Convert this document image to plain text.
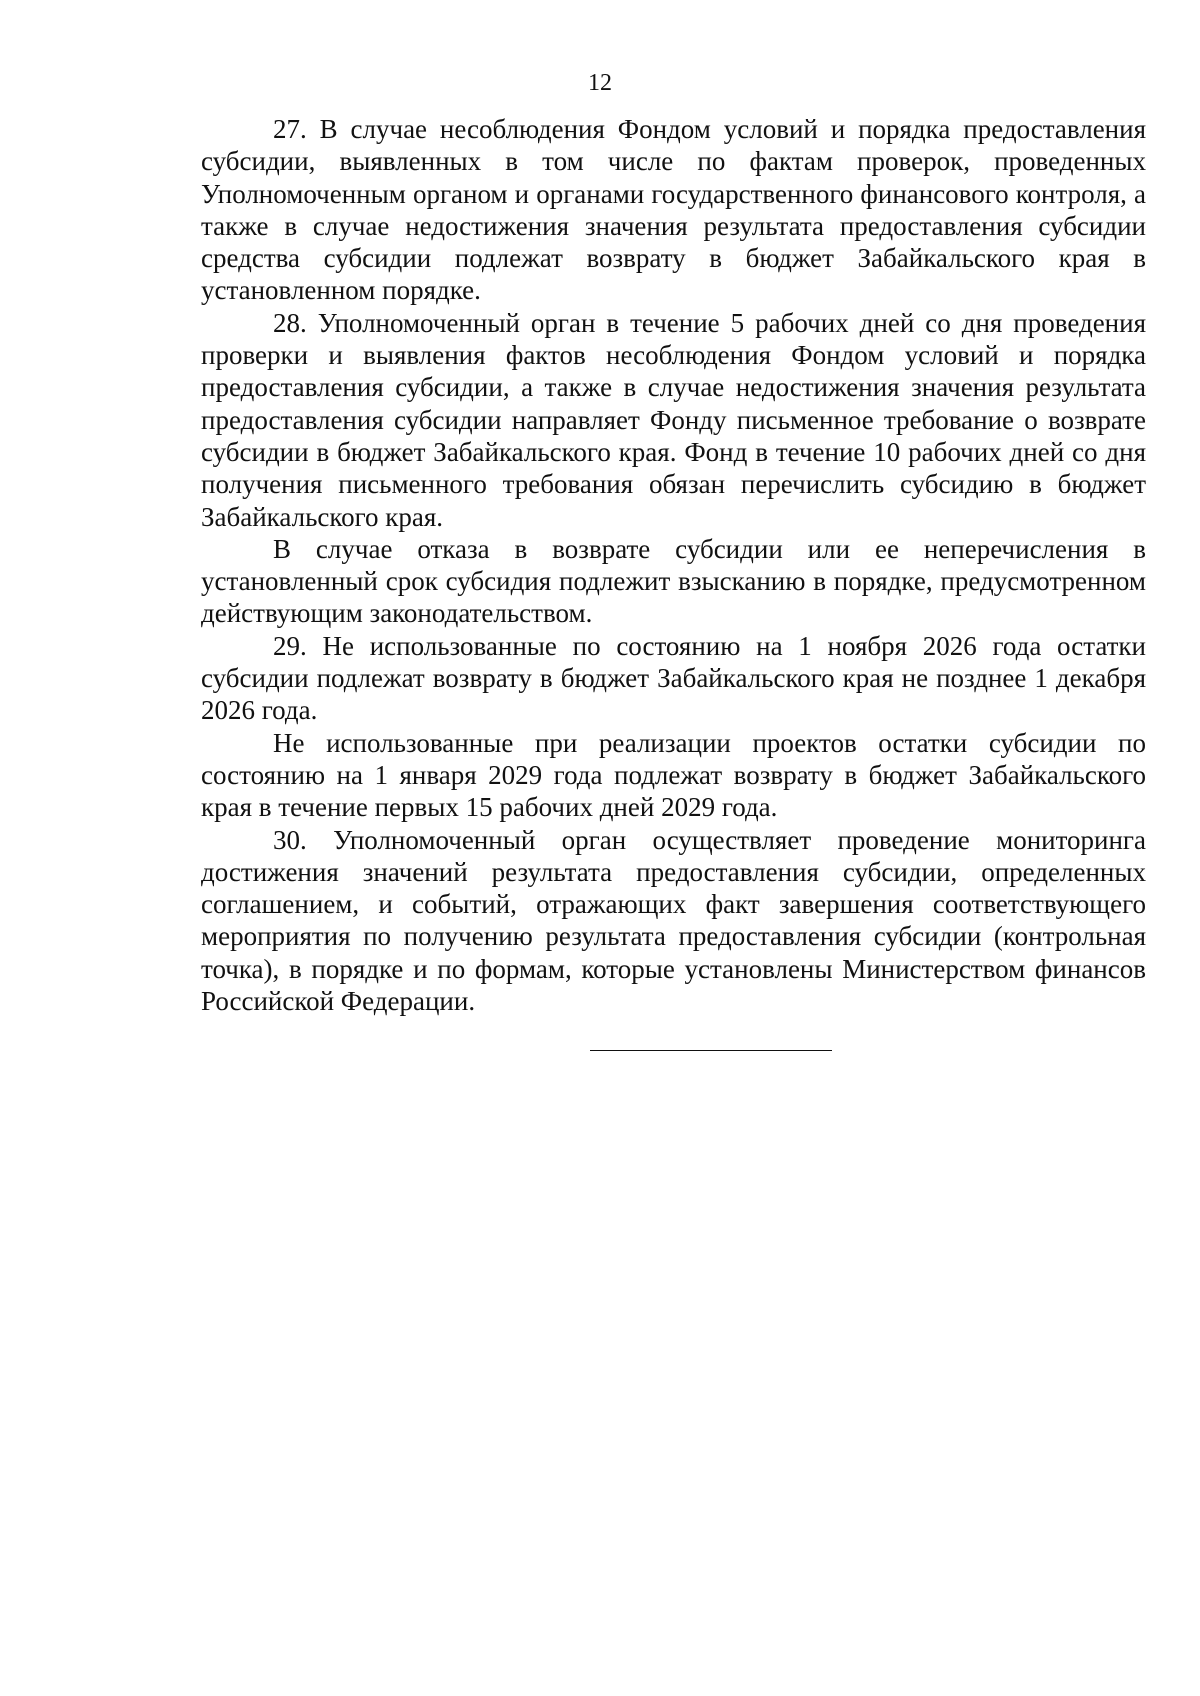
12

27. В случае несоблюдения Фондом условий и порядка предоставления субсидии, выявленных в том числе по фактам проверок, проведенных Уполномоченным органом и органами государственного финансового контроля, а также в случае недостижения значения результата предоставления субсидии средства субсидии подлежат возврату в бюджет Забайкальского края в установленном порядке.

28. Уполномоченный орган в течение 5 рабочих дней со дня проведения проверки и выявления фактов несоблюдения Фондом условий и порядка предоставления субсидии, а также в случае недостижения значения результата предоставления субсидии направляет Фонду письменное требование о возврате субсидии в бюджет Забайкальского края. Фонд в течение 10 рабочих дней со дня получения письменного требования обязан перечислить субсидию в бюджет Забайкальского края.

В случае отказа в возврате субсидии или ее неперечисления в установленный срок субсидия подлежит взысканию в порядке, предусмотренном действующим законодательством.

29. Не использованные по состоянию на 1 ноября 2026 года остатки субсидии подлежат возврату в бюджет Забайкальского края не позднее 1 декабря 2026 года.

Не использованные при реализации проектов остатки субсидии по состоянию на 1 января 2029 года подлежат возврату в бюджет Забайкальского края в течение первых 15 рабочих дней 2029 года.

30. Уполномоченный орган осуществляет проведение мониторинга достижения значений результата предоставления субсидии, определенных соглашением, и событий, отражающих факт завершения соответствующего мероприятия по получению результата предоставления субсидии (контрольная точка), в порядке и по формам, которые установлены Министерством финансов Российской Федерации.
